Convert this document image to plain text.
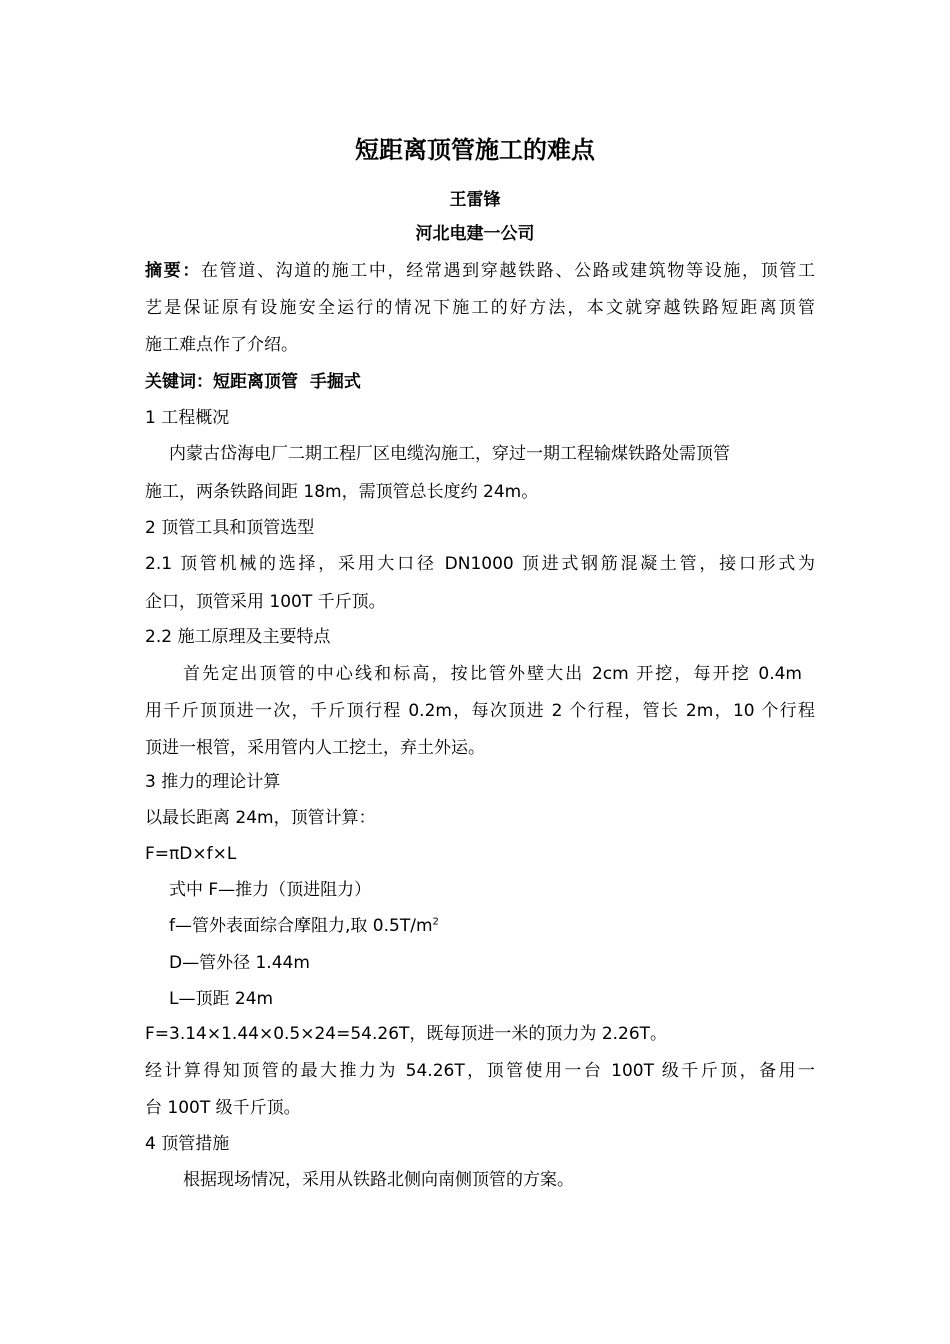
短距离顶管施工的难点
王雷锋
河北电建一公司
摘要：在管道、沟道的施工中，经常遇到穿越铁路、公路或建筑物等设施，顶管工
艺是保证原有设施安全运行的情况下施工的好方法，本文就穿越铁路短距离顶管
施工难点作了介绍。
关键词：短距离顶管  手掘式
1 工程概况
内蒙古岱海电厂二期工程厂区电缆沟施工，穿过一期工程输煤铁路处需顶管
施工，两条铁路间距 18m，需顶管总长度约 24m。
2 顶管工具和顶管选型
2.1 顶管机械的选择，采用大口径 DN1000 顶进式钢筋混凝土管，接口形式为
企口，顶管采用 100T 千斤顶。
2.2 施工原理及主要特点
首先定出顶管的中心线和标高，按比管外壁大出 2cm 开挖，每开挖 0.4m
用千斤顶顶进一次，千斤顶行程 0.2m，每次顶进 2 个行程，管长 2m，10 个行程
顶进一根管，采用管内人工挖土，弃土外运。
3 推力的理论计算
以最长距离 24m，顶管计算：
F=πD×f×L
式中 F—推力（顶进阻力）
f—管外表面综合摩阻力,取 $0.5T/m^2$
D—管外径 1.44m
L—顶距 24m
F=3.14×1.44×0.5×24=54.26T，既每顶进一米的顶力为 2.26T。
经计算得知顶管的最大推力为 54.26T，顶管使用一台 100T 级千斤顶，备用一
台 100T 级千斤顶。
4 顶管措施
根据现场情况，采用从铁路北侧向南侧顶管的方案。
